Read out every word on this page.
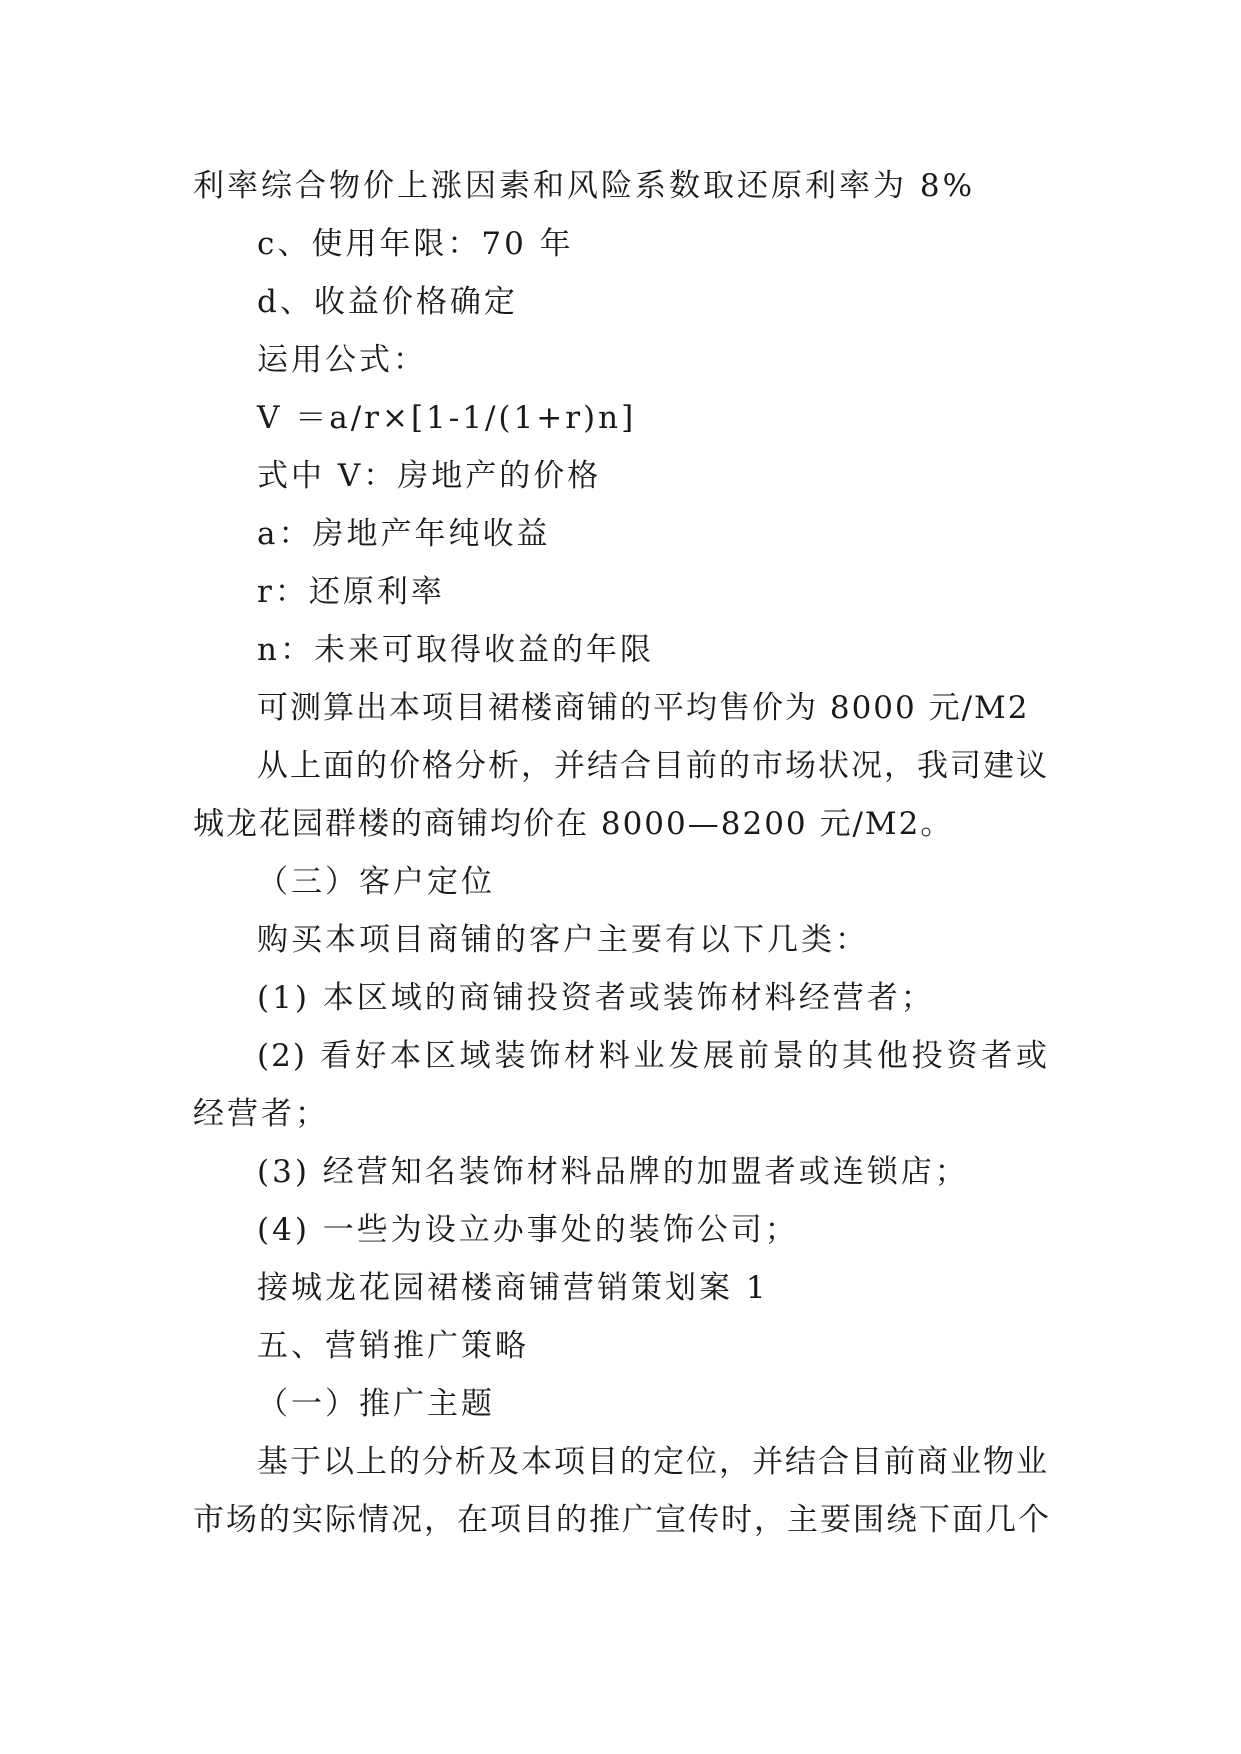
利率综合物价上涨因素和风险系数取还原利率为 8%

c、使用年限：70 年

d、收益价格确定

运用公式：

V ＝a/r×[1-1/(1+r)n]

式中 V：房地产的价格

a：房地产年纯收益

r：还原利率

n：未来可取得收益的年限

可测算出本项目裙楼商铺的平均售价为 8000 元/M2

从上面的价格分析，并结合目前的市场状况，我司建议

城龙花园群楼的商铺均价在 8000—8200 元/M2。

（三）客户定位

购买本项目商铺的客户主要有以下几类：

(1) 本区域的商铺投资者或装饰材料经营者；

(2) 看好本区域装饰材料业发展前景的其他投资者或

经营者；

(3) 经营知名装饰材料品牌的加盟者或连锁店；

(4) 一些为设立办事处的装饰公司；

接城龙花园裙楼商铺营销策划案 1

五、营销推广策略

（一）推广主题

基于以上的分析及本项目的定位，并结合目前商业物业

市场的实际情况，在项目的推广宣传时，主要围绕下面几个
